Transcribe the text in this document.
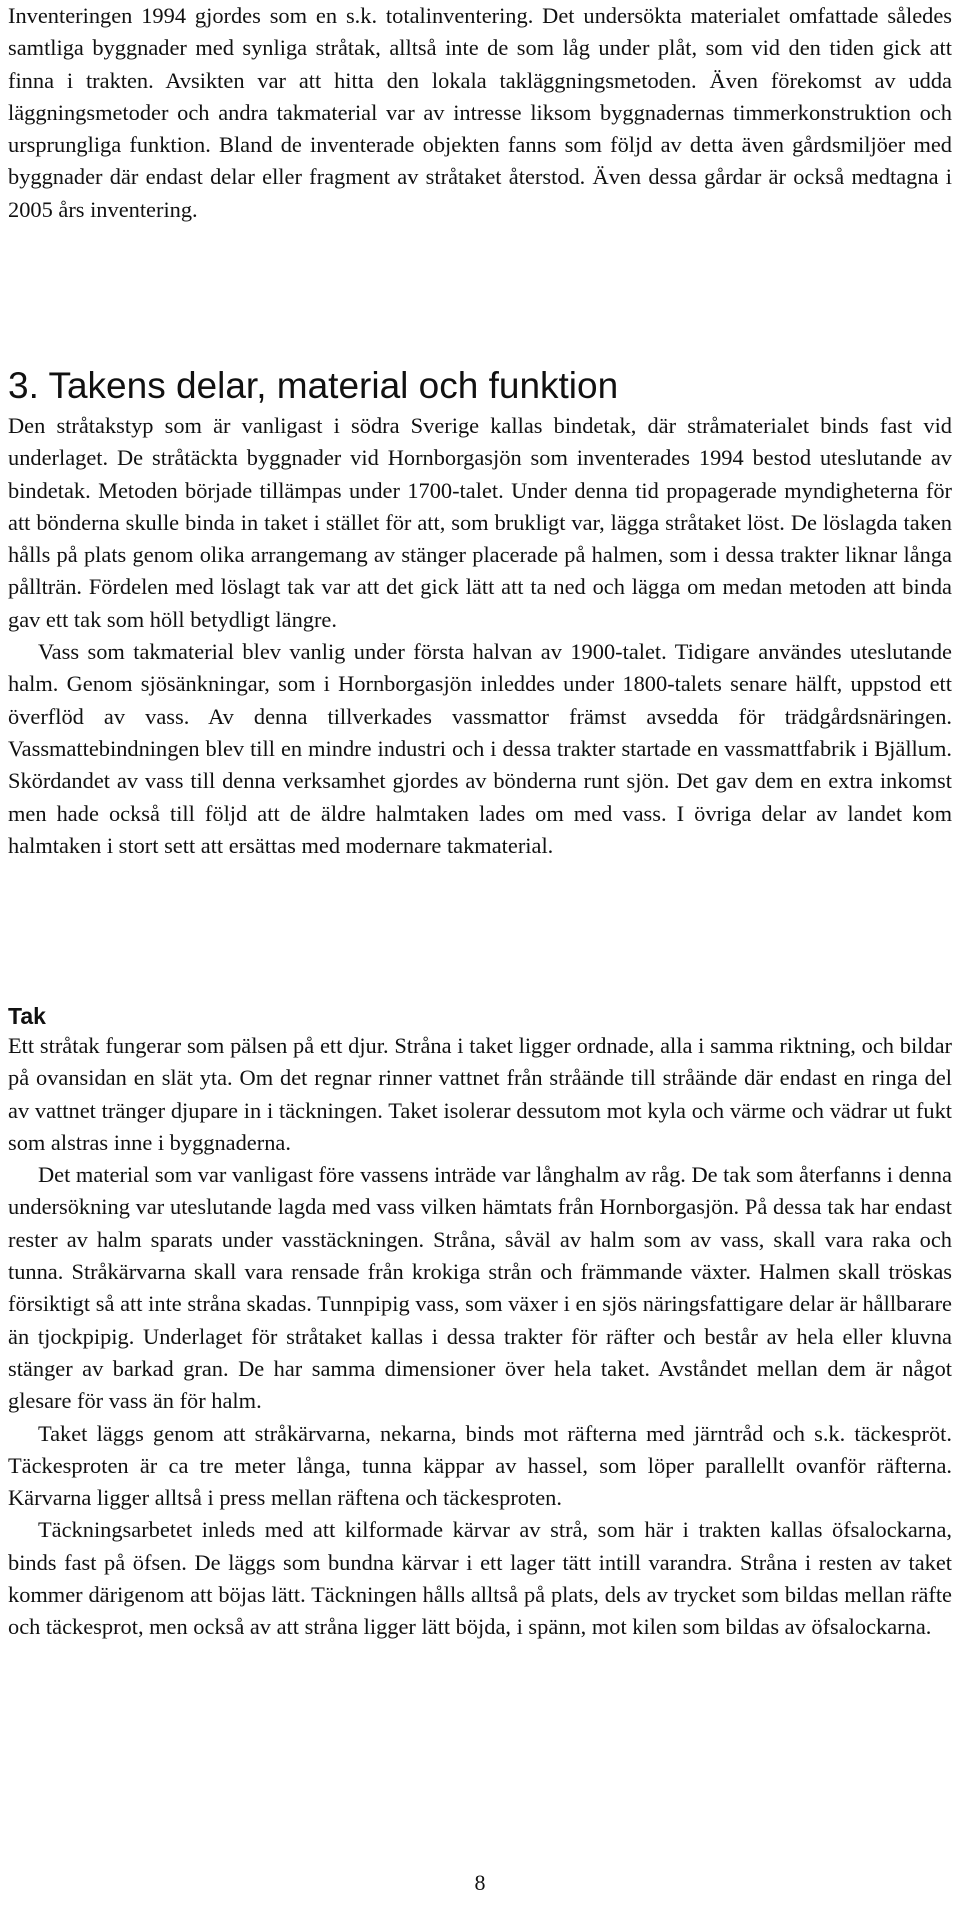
Inventeringen 1994 gjordes som en s.k. totalinventering. Det undersökta materialet omfattade således samtliga byggnader med synliga stråtak, alltså inte de som låg under plåt, som vid den tiden gick att finna i trakten. Avsikten var att hitta den lokala takläggningsmetoden. Även förekomst av udda läggningsmetoder och andra takmaterial var av intresse liksom byggnadernas timmerkonstruktion och ursprungliga funktion. Bland de inventerade objekten fanns som följd av detta även gårdsmiljöer med byggnader där endast delar eller fragment av stråtaket återstod. Även dessa gårdar är också medtagna i 2005 års inventering.

3. Takens delar, material och funktion

Den stråtakstyp som är vanligast i södra Sverige kallas bindetak, där stråmaterialet binds fast vid underlaget. De stråtäckta byggnader vid Hornborgasjön som inventerades 1994 bestod uteslutande av bindetak. Metoden började tillämpas under 1700-talet. Under denna tid propagerade myndigheterna för att bönderna skulle binda in taket i stället för att, som brukligt var, lägga stråtaket löst. De löslagda taken hålls på plats genom olika arrangemang av stänger placerade på halmen, som i dessa trakter liknar långa pållträn. Fördelen med löslagt tak var att det gick lätt att ta ned och lägga om medan metoden att binda gav ett tak som höll betydligt längre.

Vass som takmaterial blev vanlig under första halvan av 1900-talet. Tidigare användes uteslutande halm. Genom sjösänkningar, som i Hornborgasjön inleddes under 1800-talets senare hälft, uppstod ett överflöd av vass. Av denna tillverkades vassmattor främst avsedda för trädgårdsnäringen. Vassmattebindningen blev till en mindre industri och i dessa trakter startade en vassmattfabrik i Bjällum. Skördandet av vass till denna verksamhet gjordes av bönderna runt sjön. Det gav dem en extra inkomst men hade också till följd att de äldre halmtaken lades om med vass. I övriga delar av landet kom halmtaken i stort sett att ersättas med modernare takmaterial.

Tak

Ett stråtak fungerar som pälsen på ett djur. Stråna i taket ligger ordnade, alla i samma riktning, och bildar på ovansidan en slät yta. Om det regnar rinner vattnet från stråände till stråände där endast en ringa del av vattnet tränger djupare in i täckningen. Taket isolerar dessutom mot kyla och värme och vädrar ut fukt som alstras inne i byggnaderna.

Det material som var vanligast före vassens inträde var långhalm av råg. De tak som återfanns i denna undersökning var uteslutande lagda med vass vilken hämtats från Hornborgasjön. På dessa tak har endast rester av halm sparats under vasstäckningen. Stråna, såväl av halm som av vass, skall vara raka och tunna. Stråkärvarna skall vara rensade från krokiga strån och främmande växter. Halmen skall tröskas försiktigt så att inte stråna skadas. Tunnpipig vass, som växer i en sjös näringsfattigare delar är hållbarare än tjockpipig. Underlaget för stråtaket kallas i dessa trakter för räfter och består av hela eller kluvna stänger av barkad gran. De har samma dimensioner över hela taket. Avståndet mellan dem är något glesare för vass än för halm.

Taket läggs genom att stråkärvarna, nekarna, binds mot räfterna med järntråd och s.k. täckespröt. Täckesproten är ca tre meter långa, tunna käppar av hassel, som löper parallellt ovanför räfterna. Kärvarna ligger alltså i press mellan räftena och täckesproten.

Täckningsarbetet inleds med att kilformade kärvar av strå, som här i trakten kallas öfsalockarna, binds fast på öfsen. De läggs som bundna kärvar i ett lager tätt intill varandra. Stråna i resten av taket kommer därigenom att böjas lätt. Täckningen hålls alltså på plats, dels av trycket som bildas mellan räfte och täckesprot, men också av att stråna ligger lätt böjda, i spänn, mot kilen som bildas av öfsalockarna.

8
